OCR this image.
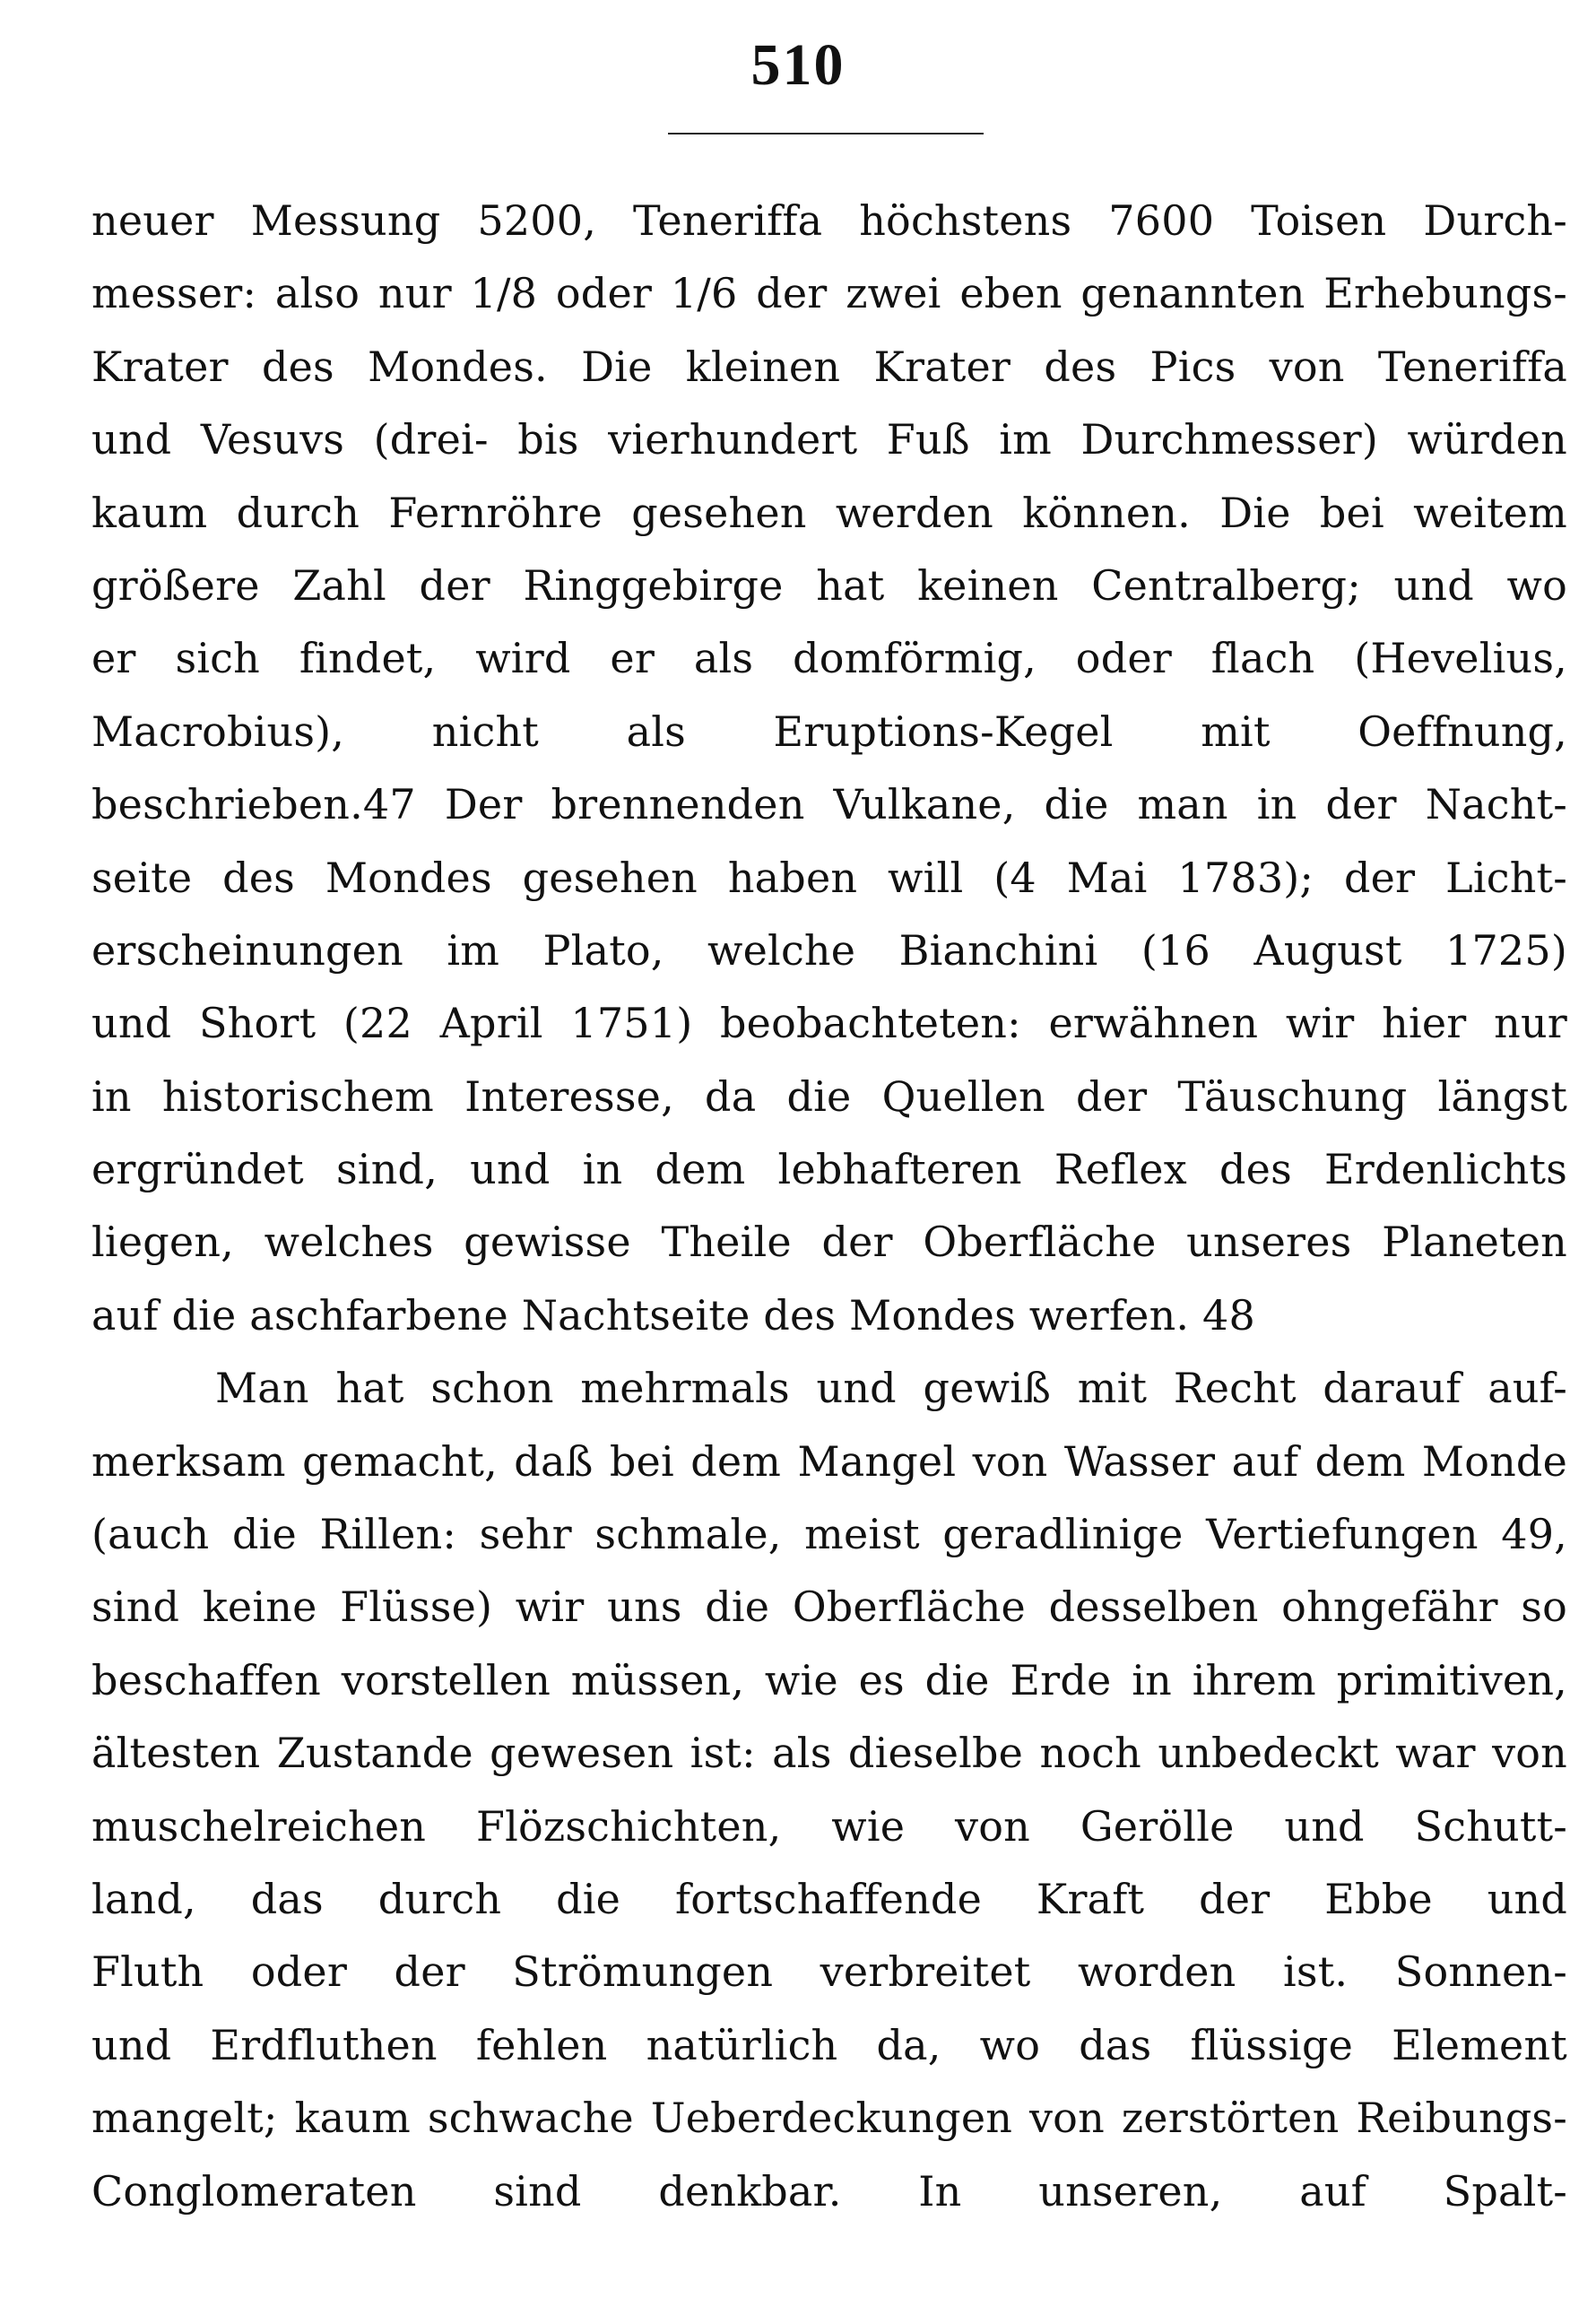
510
neuer Messung 5200, Teneriffa höchstens 7600 Toisen Durch-
messer: also nur 1/8 oder 1/6 der zwei eben genannten Erhebungs-
Krater des Mondes. Die kleinen Krater des Pics von Teneriffa
und Vesuvs (drei- bis vierhundert Fuß im Durchmesser) würden
kaum durch Fernröhre gesehen werden können. Die bei weitem
größere Zahl der Ringgebirge hat keinen Centralberg; und wo
er sich findet, wird er als domförmig, oder flach (Hevelius,
Macrobius), nicht als Eruptions-Kegel mit Oeffnung,
beschrieben.47 Der brennenden Vulkane, die man in der Nacht-
seite des Mondes gesehen haben will (4 Mai 1783); der Licht-
erscheinungen im Plato, welche Bianchini (16 August 1725)
und Short (22 April 1751) beobachteten: erwähnen wir hier nur
in historischem Interesse, da die Quellen der Täuschung längst
ergründet sind, und in dem lebhafteren Reflex des Erdenlichts
liegen, welches gewisse Theile der Oberfläche unseres Planeten
auf die aschfarbene Nachtseite des Mondes werfen. 48
Man hat schon mehrmals und gewiß mit Recht darauf auf-
merksam gemacht, daß bei dem Mangel von Wasser auf dem Monde
(auch die Rillen: sehr schmale, meist geradlinige Vertiefungen 49,
sind keine Flüsse) wir uns die Oberfläche desselben ohngefähr so
beschaffen vorstellen müssen, wie es die Erde in ihrem primitiven,
ältesten Zustande gewesen ist: als dieselbe noch unbedeckt war von
muschelreichen Flözschichten, wie von Gerölle und Schutt-
land, das durch die fortschaffende Kraft der Ebbe und
Fluth oder der Strömungen verbreitet worden ist. Sonnen-
und Erdfluthen fehlen natürlich da, wo das flüssige Element
mangelt; kaum schwache Ueberdeckungen von zerstörten Reibungs-
Conglomeraten sind denkbar. In unseren, auf Spalt-
